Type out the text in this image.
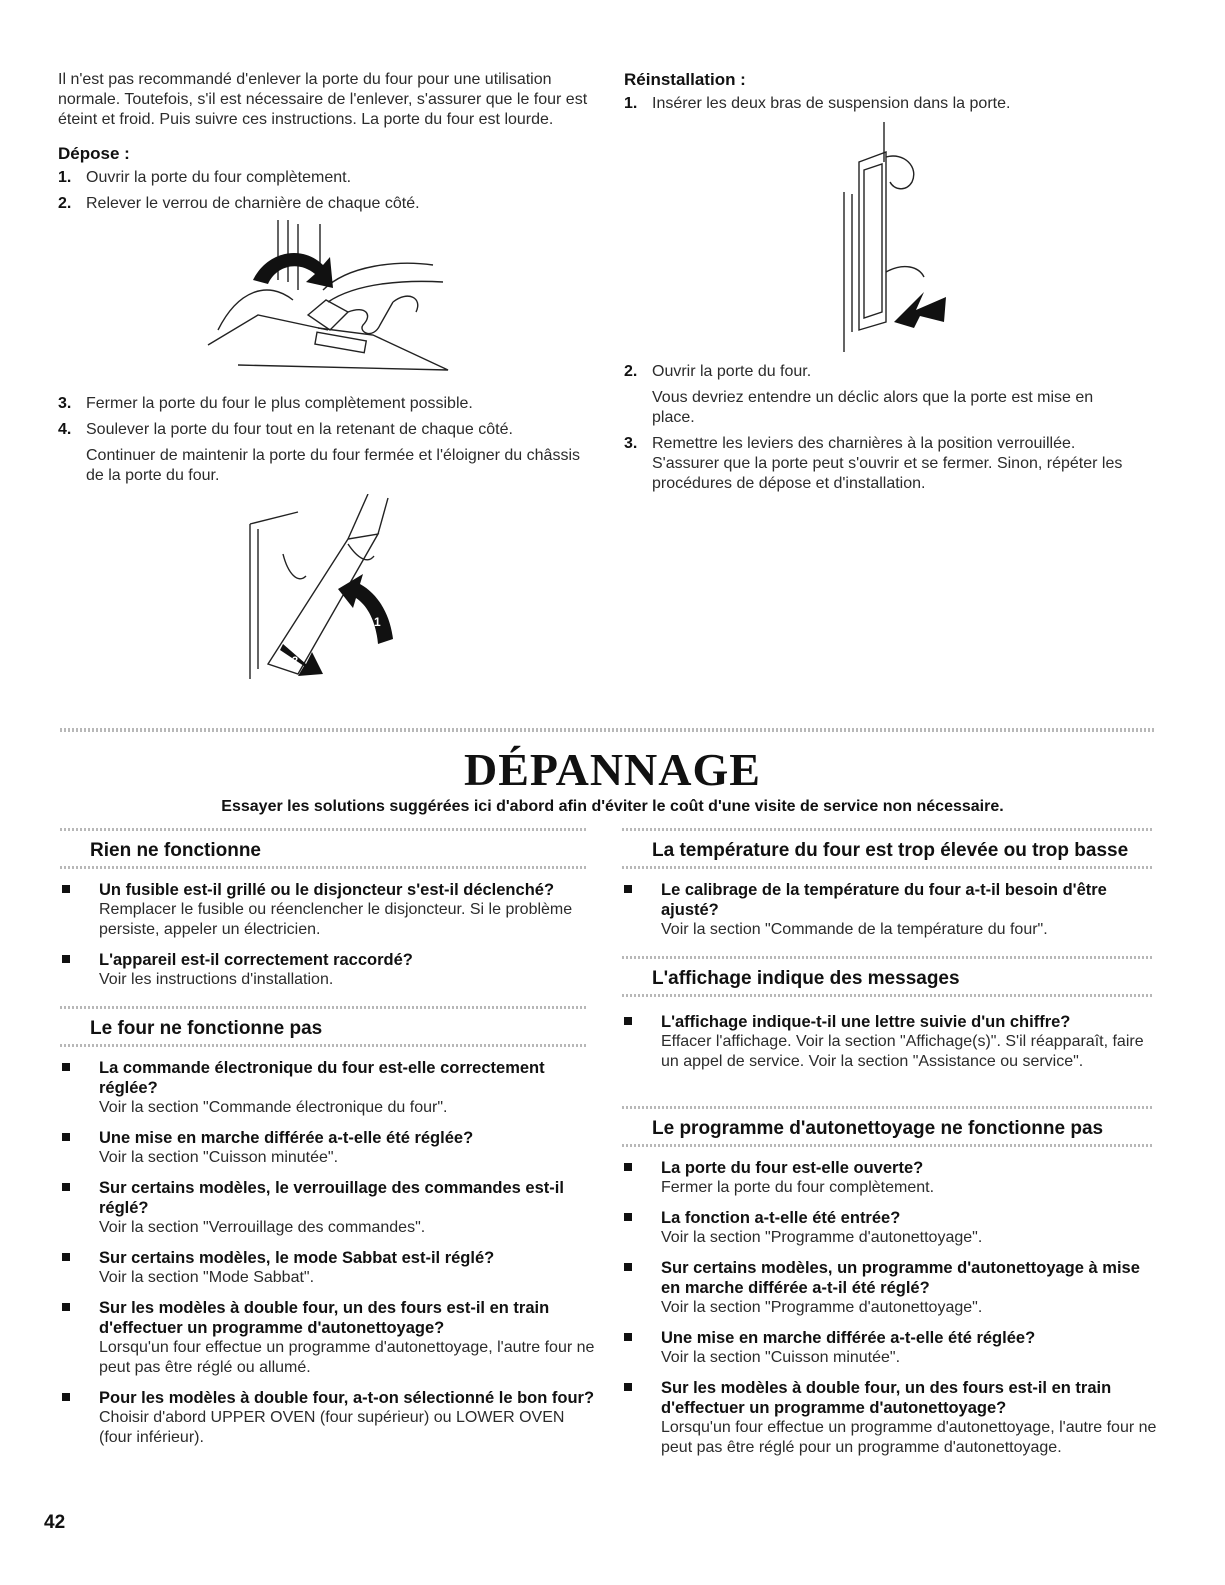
Il n'est pas recommandé d'enlever la porte du four pour une utilisation normale. Toutefois, s'il est nécessaire de l'enlever, s'assurer que le four est éteint et froid. Puis suivre ces instructions. La porte du four est lourde.

Dépose :
1. Ouvrir la porte du four complètement.
2. Relever le verrou de charnière de chaque côté.
3. Fermer la porte du four le plus complètement possible.
4. Soulever la porte du four tout en la retenant de chaque côté.

Continuer de maintenir la porte du four fermée et l'éloigner du châssis de la porte du four.

1
2
Réinstallation :
1. Insérer les deux bras de suspension dans la porte.
2. Ouvrir la porte du four.

Vous devriez entendre un déclic alors que la porte est mise en place.

3. Remettre les leviers des charnières à la position verrouillée. S'assurer que la porte peut s'ouvrir et se fermer. Sinon, répéter les procédures de dépose et d'installation.
DÉPANNAGE
Essayer les solutions suggérées ici d'abord afin d'éviter le coût d'une visite de service non nécessaire.
Rien ne fonctionne
Un fusible est-il grillé ou le disjoncteur s'est-il déclenché?
Remplacer le fusible ou réenclencher le disjoncteur. Si le problème persiste, appeler un électricien.
L'appareil est-il correctement raccordé?
Voir les instructions d'installation.
Le four ne fonctionne pas
La commande électronique du four est-elle correctement réglée?
Voir la section "Commande électronique du four".
Une mise en marche différée a-t-elle été réglée?
Voir la section "Cuisson minutée".
Sur certains modèles, le verrouillage des commandes est-il réglé?
Voir la section "Verrouillage des commandes".
Sur certains modèles, le mode Sabbat est-il réglé?
Voir la section "Mode Sabbat".
Sur les modèles à double four, un des fours est-il en train d'effectuer un programme d'autonettoyage?
Lorsqu'un four effectue un programme d'autonettoyage, l'autre four ne peut pas être réglé ou allumé.
Pour les modèles à double four, a-t-on sélectionné le bon four?
Choisir d'abord UPPER OVEN (four supérieur) ou LOWER OVEN (four inférieur).
La température du four est trop élevée ou trop basse
Le calibrage de la température du four a-t-il besoin d'être ajusté?
Voir la section "Commande de la température du four".
L'affichage indique des messages
L'affichage indique-t-il une lettre suivie d'un chiffre?
Effacer l'affichage. Voir la section "Affichage(s)". S'il réapparaît, faire un appel de service. Voir la section "Assistance ou service".
Le programme d'autonettoyage ne fonctionne pas
La porte du four est-elle ouverte?
Fermer la porte du four complètement.
La fonction a-t-elle été entrée?
Voir la section "Programme d'autonettoyage".
Sur certains modèles, un programme d'autonettoyage à mise en marche différée a-t-il été réglé?
Voir la section "Programme d'autonettoyage".
Une mise en marche différée a-t-elle été réglée?
Voir la section "Cuisson minutée".
Sur les modèles à double four, un des fours est-il en train d'effectuer un programme d'autonettoyage?
Lorsqu'un four effectue un programme d'autonettoyage, l'autre four ne peut pas être réglé pour un programme d'autonettoyage.
42
